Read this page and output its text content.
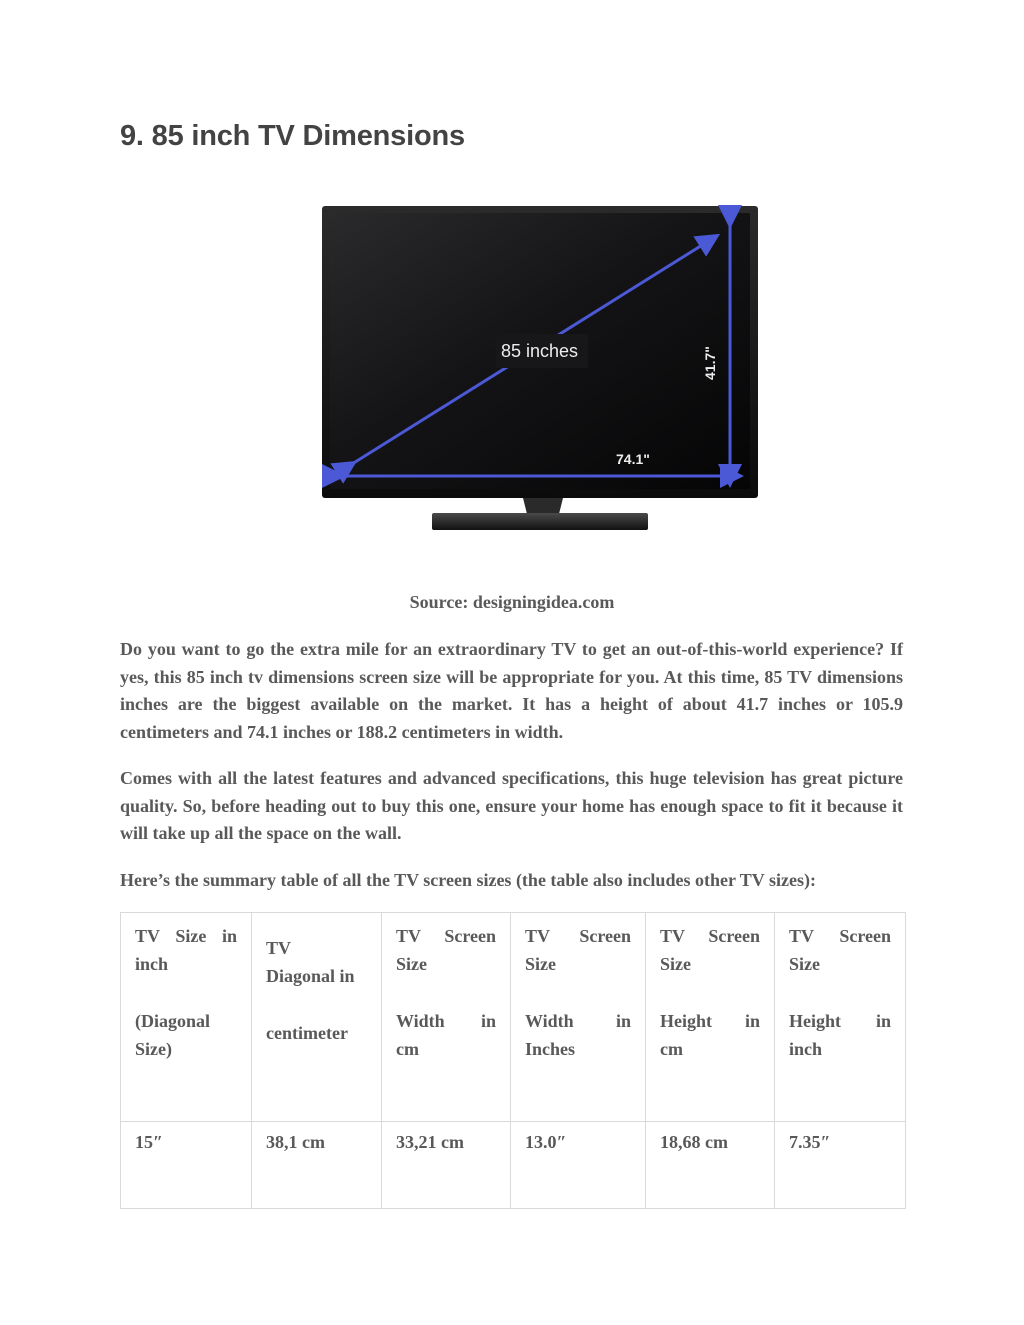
9. 85 inch TV Dimensions
85 inches
74.1"
41.7"
Source: designingidea.com

Do you want to go the extra mile for an extraordinary TV to get an out-of-this-world experience? If yes, this 85 inch tv dimensions screen size will be appropriate for you. At this time, 85 TV dimensions inches are the biggest available on the market. It has a height of about 41.7 inches or 105.9 centimeters and 74.1 inches or 188.2 centimeters in width.

Comes with all the latest features and advanced specifications, this huge television has great picture quality. So, before heading out to buy this one, ensure your home has enough space to fit it because it will take up all the space on the wall.

Here’s the summary table of all the TV screen sizes (the table also includes other TV sizes):

TV Size in
inch
(Diagonal
Size)	TV
Diagonal in
centimeter	TV Screen
Size
Width in
cm	TV Screen
Size
Width in
Inches	TV Screen
Size
Height in
cm	TV Screen
Size
Height in
inch

15″	38,1 cm	33,21 cm	13.0″	18,68 cm	7.35″
